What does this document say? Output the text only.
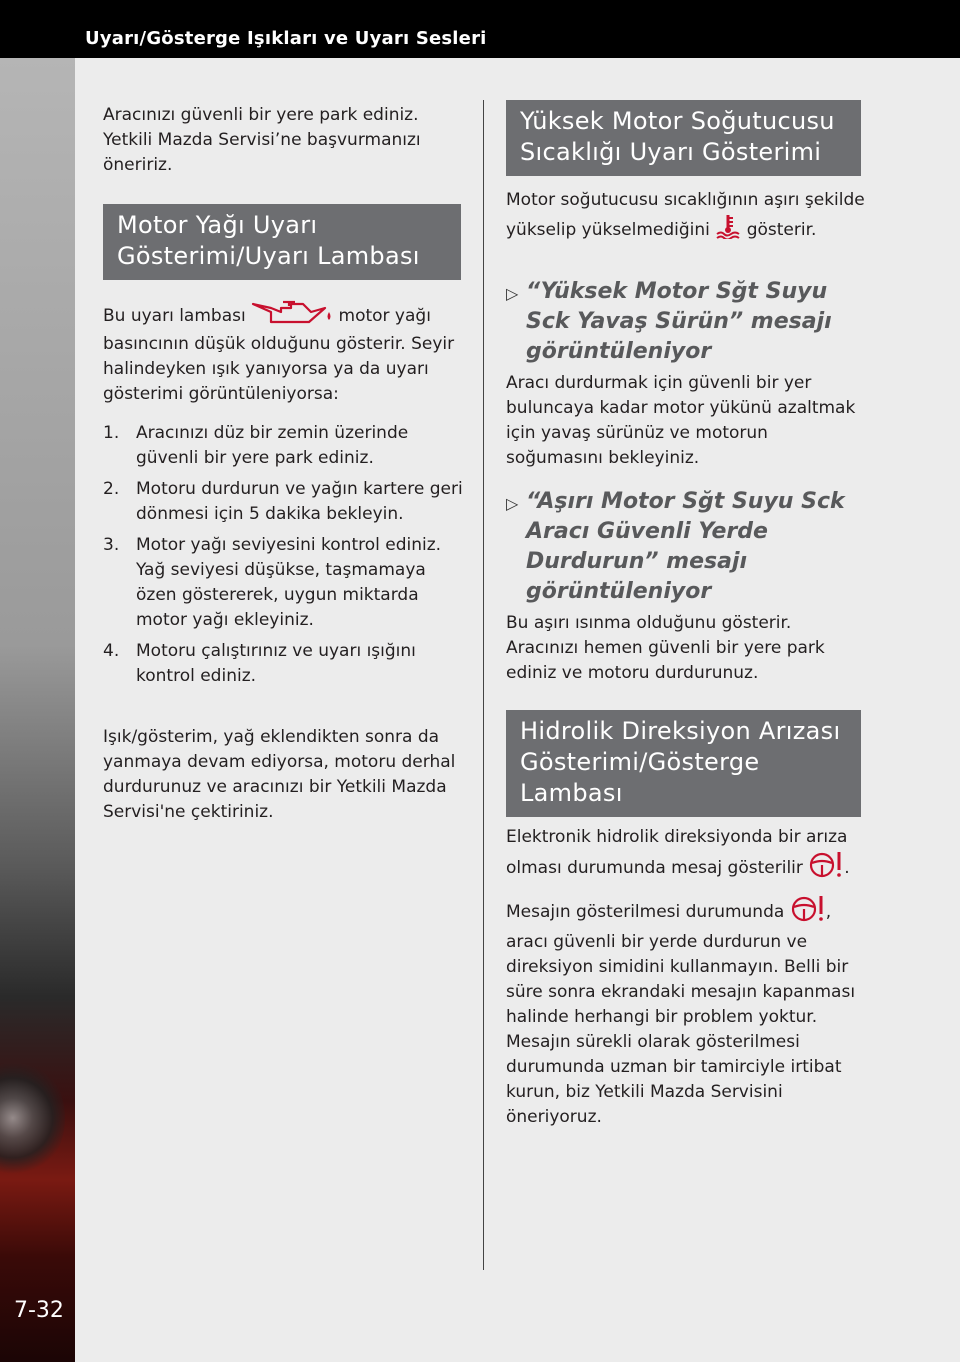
Uyarı/Gösterge Işıkları ve Uyarı Sesleri
7-32

Aracınızı güvenli bir yere park ediniz. Yetkili Mazda Servisi’ne başvurmanızı öneririz.

Motor Yağı Uyarı Gösterimi/Uyarı Lambası

Bu uyarı lambası	motor yağı basıncının düşük olduğunu gösterir. Seyir halindeyken ışık yanıyorsa ya da uyarı gösterimi görüntüleniyorsa:

1. Aracınızı düz bir zemin üzerinde güvenli bir yere park ediniz.
2. Motoru durdurun ve yağın kartere geri dönmesi için 5 dakika bekleyin.
3. Motor yağı seviyesini kontrol ediniz. Yağ seviyesi düşükse, taşmamaya özen göstererek, uygun miktarda motor yağı ekleyiniz.
4. Motoru çalıştırınız ve uyarı ışığını kontrol ediniz.

Işık/gösterim, yağ eklendikten sonra da yanmaya devam ediyorsa, motoru derhal durdurunuz ve aracınızı bir Yetkili Mazda Servisi'ne çektiriniz.

Yüksek Motor Soğutucusu Sıcaklığı Uyarı Gösterimi

Motor soğutucusu sıcaklığının aşırı şekilde yükselip yükselmediğini gösterir.

▷ “Yüksek Motor Sğt Suyu Sck Yavaş Sürün” mesajı görüntüleniyor

Aracı durdurmak için güvenli bir yer buluncaya kadar motor yükünü azaltmak için yavaş sürünüz ve motorun soğumasını bekleyiniz.

▷ “Aşırı Motor Sğt Suyu Sck Aracı Güvenli Yerde Durdurun” mesajı görüntüleniyor

Bu aşırı ısınma olduğunu gösterir. Aracınızı hemen güvenli bir yere park ediniz ve motoru durdurunuz.

Hidrolik Direksiyon Arızası Gösterimi/Gösterge Lambası

Elektronik hidrolik direksiyonda bir arıza olması durumunda mesaj gösterilir .

Mesajın gösterilmesi durumunda , aracı güvenli bir yerde durdurun ve direksiyon simidini kullanmayın. Belli bir süre sonra ekrandaki mesajın kapanması halinde herhangi bir problem yoktur. Mesajın sürekli olarak gösterilmesi durumunda uzman bir tamirciyle irtibat kurun, biz Yetkili Mazda Servisini öneriyoruz.
